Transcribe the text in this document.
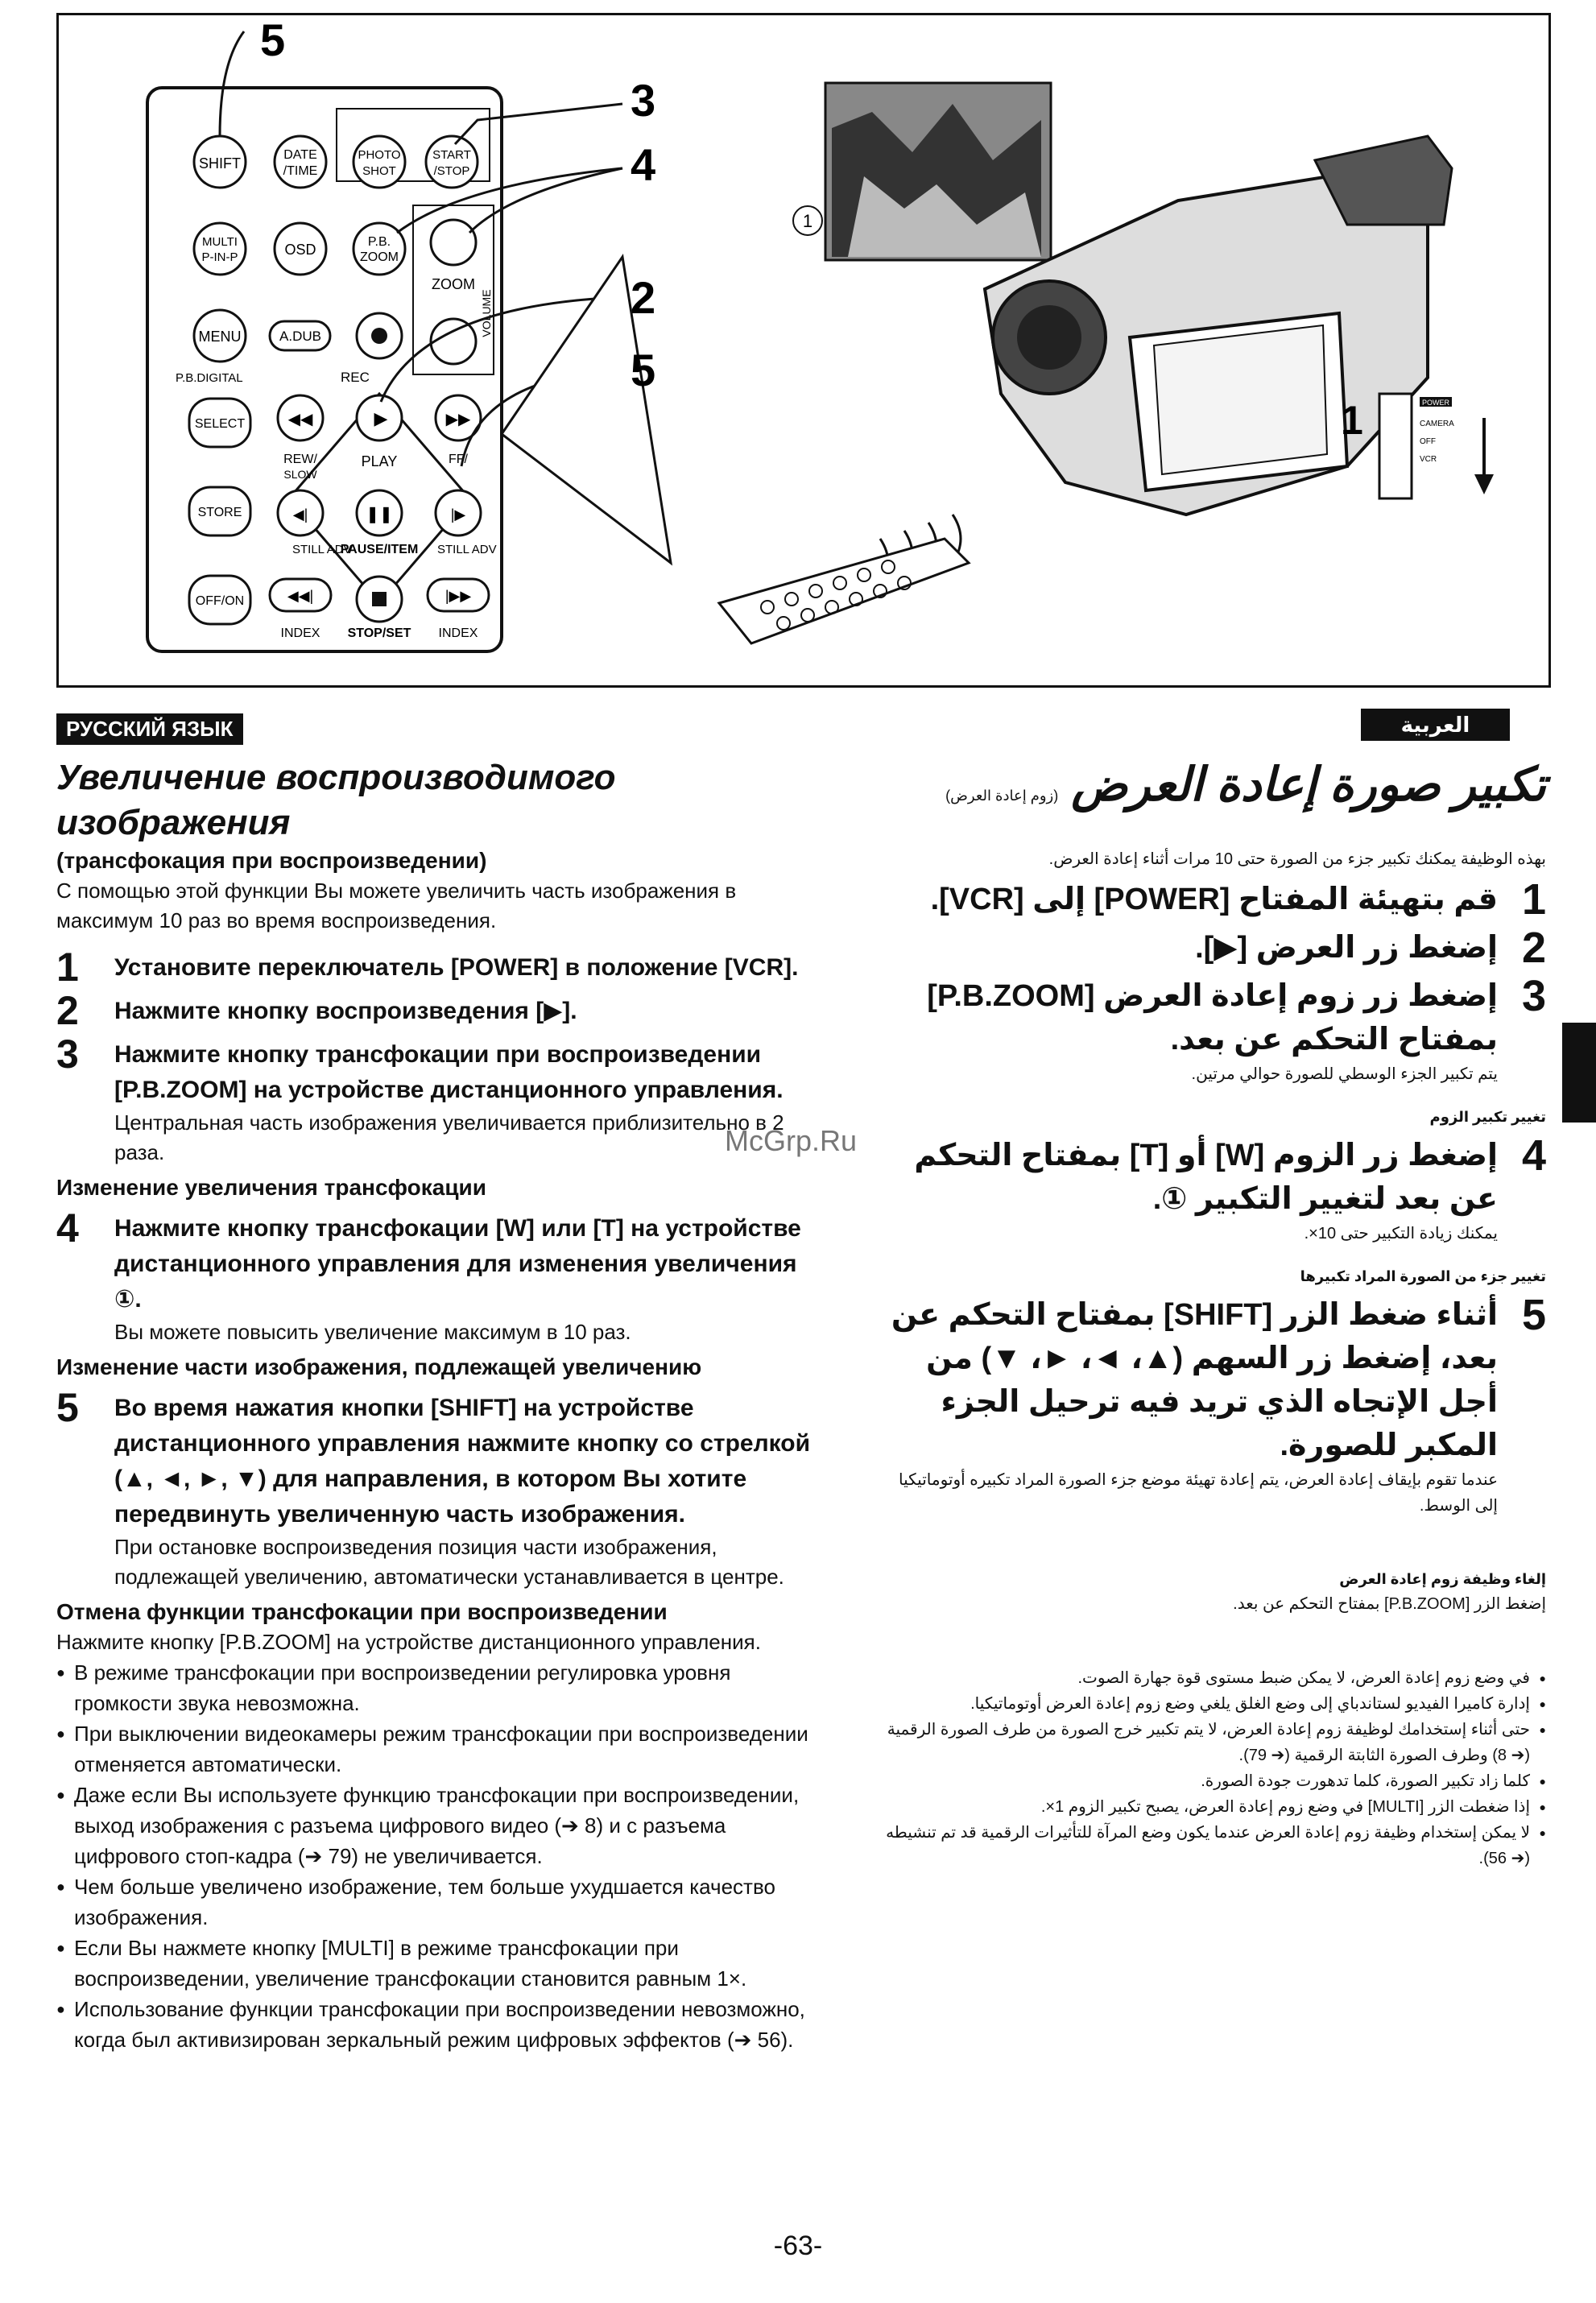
SHIFT
DATE
/TIME
PHOTO
SHOT
START
/STOP
MULTI
P-IN-P	OSD	P.B.
ZOOM
ZOOM
VOLUME
MENU	A.DUB
P.B.DIGITAL	REC
SELECT
STORE
OFF/ON
◀◀
REW/
▶
PLAY
▶▶
FF/
◀|
SLOW
❚❚	|▶
STILL ADV
PAUSE/ITEM STILL ADV
◀◀|
INDEX STOP/SET
|▶▶
INDEX
5
3
4
2
5
1
POWER
CAMERA
OFF
VCR
1
РУССКИЙ ЯЗЫК	العربية
Увеличение воспроизводимого изображения
(трансфокация при воспроизведении)
С помощью этой функции Вы можете увеличить часть изображения в максимум 10 раз во время воспроизведения.
1 Установите переключатель [POWER] в положение [VCR].
2 Нажмите кнопку воспроизведения [▶].
3 Нажмите кнопку трансфокации при воспроизведении [P.B.ZOOM] на устройстве дистанционного управления.
Центральная часть изображения увеличивается приблизительно в 2 раза.
Изменение увеличения трансфокации
4 Нажмите кнопку трансфокации [W] или [T] на устройстве дистанционного управления для изменения увеличения ①.
Вы можете повысить увеличение максимум в 10 раз.
Изменение части изображения, подлежащей увеличению
5 Во время нажатия кнопки [SHIFT] на устройстве дистанционного управления нажмите кнопку со стрелкой (▲, ◄, ►, ▼) для направления, в котором Вы хотите передвинуть увеличенную часть изображения.
При остановке воспроизведения позиция части изображения, подлежащей увеличению, автоматически устанавливается в центре.
Отмена функции трансфокации при воспроизведении
Нажмите кнопку [P.B.ZOOM] на устройстве дистанционного управления.
● В режиме трансфокации при воспроизведении регулировка уровня громкости звука невозможна.
● При выключении видеокамеры режим трансфокации при воспроизведении отменяется автоматически.
● Даже если Вы используете функцию трансфокации при воспроизведении, выход изображения с разъема цифрового видео (➔ 8) и с разъема цифрового стоп-кадра (➔ 79) не увеличивается.
● Чем больше увеличено изображение, тем больше ухудшается качество изображения.
● Если Вы нажмете кнопку [MULTI] в режиме трансфокации при воспроизведении, увеличение трансфокации становится равным 1×.
● Использование функции трансфокации при воспроизведении невозможно, когда был активизирован зеркальный режим цифровых эффектов (➔ 56).
McGrp.Ru
تكبير صورة إعادة العرض (زوم إعادة العرض)
بهذه الوظيفة يمكنك تكبير جزء من الصورة حتى 10 مرات أثناء إعادة العرض.
1
قم بتهيئة المفتاح [POWER] إلى [VCR].
2
إضغط زر العرض [▶].
3
إضغط زر زوم إعادة العرض [P.B.ZOOM] بمفتاح التحكم عن بعد.
يتم تكبير الجزء الوسطي للصورة حوالي مرتين.
تغيير تكبير الزوم
4
إضغط زر الزوم [W] أو [T] بمفتاح التحكم عن بعد لتغيير التكبير ①.
يمكنك زيادة التكبير حتى 10×.
تغيير جزء من الصورة المراد تكبيرها
5
أثناء ضغط الزر [SHIFT] بمفتاح التحكم عن بعد، إضغط زر السهم (▲، ◄، ►، ▼) من أجل الإتجاه الذي تريد فيه ترحيل الجزء المكبر للصورة.
عندما تقوم بإيقاف إعادة العرض، يتم إعادة تهيئة موضع جزء الصورة المراد تكبيره أوتوماتيكيا إلى الوسط.
إلغاء وظيفة زوم إعادة العرض
إضغط الزر [P.B.ZOOM] بمفتاح التحكم عن بعد.
● في وضع زوم إعادة العرض، لا يمكن ضبط مستوى قوة جهارة الصوت.
● إدارة كاميرا الفيديو لستاندباي إلى وضع الغلق يلغي وضع زوم إعادة العرض أوتوماتيكيا.
● حتى أثناء إستخدامك لوظيفة زوم إعادة العرض، لا يتم تكبير خرج الصورة من طرف الصورة الرقمية (➔ 8) وطرف الصورة الثابتة الرقمية (➔ 79).
● كلما زاد تكبير الصورة، كلما تدهورت جودة الصورة.
● إذا ضغطت الزر [MULTI] في وضع زوم إعادة العرض، يصبح تكبير الزوم 1×.
● لا يمكن إستخدام وظيفة زوم إعادة العرض عندما يكون وضع المرآة للتأثيرات الرقمية قد تم تنشيطه (➔ 56).
-63-
